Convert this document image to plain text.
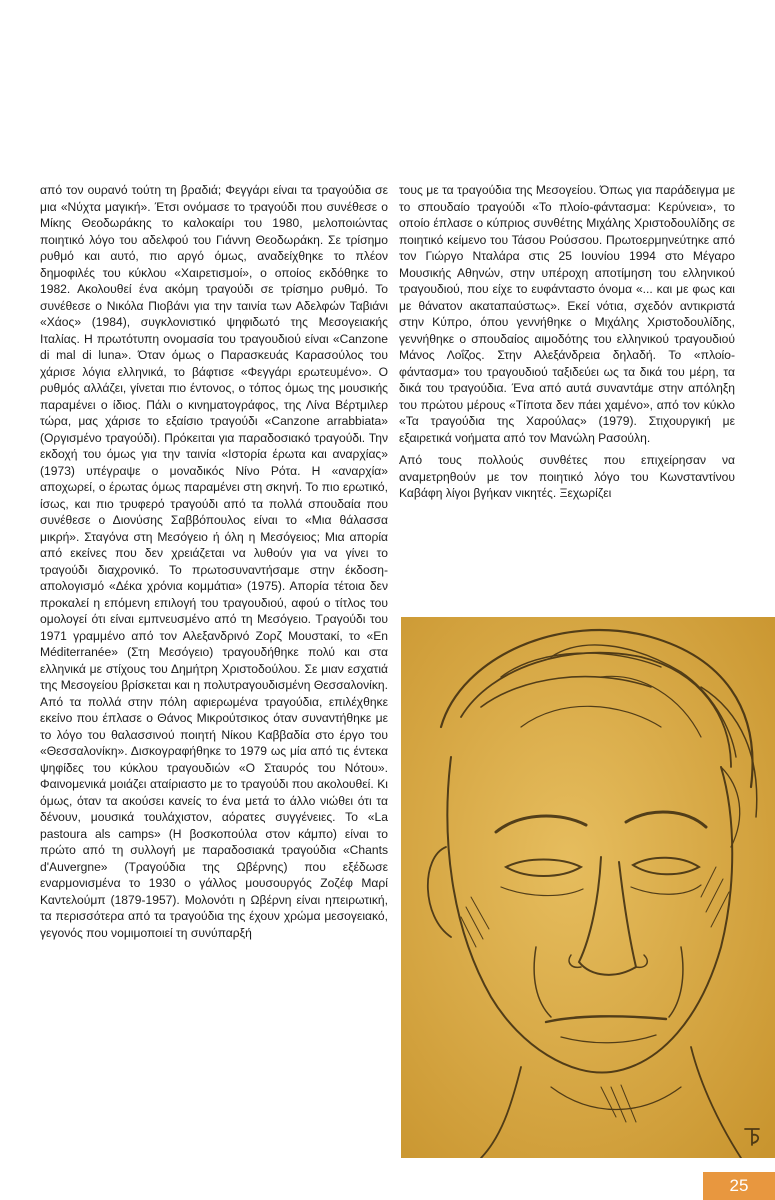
από τον ουρανό τούτη τη βραδιά; Φεγγάρι είναι τα τραγούδια σε μια «Νύχτα μαγική». Έτσι ονόμασε το τραγούδι που συνέθεσε ο Μίκης Θεοδωράκης το καλοκαίρι του 1980, μελοποιώντας ποιητικό λόγο του αδελφού του Γιάννη Θεοδωράκη. Σε τρίσημο ρυθμό και αυτό, πιο αργό όμως, αναδείχθηκε το πλέον δημοφιλές του κύκλου «Χαιρετισμοί», ο οποίος εκδόθηκε το 1982. Ακολουθεί ένα ακόμη τραγούδι σε τρίσημο ρυθμό. Το συνέθεσε ο Νικόλα Πιοβάνι για την ταινία των Αδελφών Ταβιάνι «Χάος» (1984), συγκλονιστικό ψηφιδωτό της Μεσογειακής Ιταλίας. Η πρωτότυπη ονομασία του τραγουδιού είναι «Canzone di mal di luna». Όταν όμως ο Παρασκευάς Καρασούλος του χάρισε λόγια ελληνικά, το βάφτισε «Φεγγάρι ερωτευμένο». Ο ρυθμός αλλάζει, γίνεται πιο έντονος, ο τόπος όμως της μουσικής παραμένει ο ίδιος. Πάλι ο κινηματογράφος, της Λίνα Βέρτμιλερ τώρα, μας χάρισε το εξαίσιο τραγούδι «Canzone arrabbiata» (Οργισμένο τραγούδι). Πρόκειται για παραδοσιακό τραγούδι. Την εκδοχή του όμως για την ταινία «Ιστορία έρωτα και αναρχίας» (1973) υπέγραψε ο μοναδικός Νίνο Ρότα. Η «αναρχία» αποχωρεί, ο έρωτας όμως παραμένει στη σκηνή. Το πιο ερωτικό, ίσως, και πιο τρυφερό τραγούδι από τα πολλά σπουδαία που συνέθεσε ο Διονύσης Σαββόπουλος είναι το «Μια θάλασσα μικρή». Σταγόνα στη Μεσόγειο ή όλη η Μεσόγειος; Μια απορία από εκείνες που δεν χρειάζεται να λυθούν για να γίνει το τραγούδι διαχρονικό. Το πρωτοσυναντήσαμε στην έκδοση-απολογισμό «Δέκα χρόνια κομμάτια» (1975). Απορία τέτοια δεν προκαλεί η επόμενη επιλογή του τραγουδιού, αφού ο τίτλος του ομολογεί ότι είναι εμπνευσμένο από τη Μεσόγειο. Τραγούδι του 1971 γραμμένο από τον Αλεξανδρινό Ζορζ Μουστακί, το «En Méditerranée» (Στη Μεσόγειο) τραγουδήθηκε πολύ και στα ελληνικά με στίχους του Δημήτρη Χριστοδούλου. Σε μιαν εσχατιά της Μεσογείου βρίσκεται και η πολυτραγουδισμένη Θεσσαλονίκη. Από τα πολλά στην πόλη αφιερωμένα τραγούδια, επιλέχθηκε εκείνο που έπλασε ο Θάνος Μικρούτσικος όταν συναντήθηκε με το λόγο του θαλασσινού ποιητή Νίκου Καββαδία στο έργο του «Θεσσαλονίκη». Δισκογραφήθηκε το 1979 ως μία από τις έντεκα ψηφίδες του κύκλου τραγουδιών «Ο Σταυρός του Νότου». Φαινομενικά μοιάζει αταίριαστο με το τραγούδι που ακολουθεί. Κι όμως, όταν τα ακούσει κανείς το ένα μετά το άλλο νιώθει ότι τα δένουν, μουσικά τουλάχιστον, αόρατες συγγένειες. Το «La pastoura als camps» (Η βοσκοπούλα στον κάμπο) είναι το πρώτο από τη συλλογή με παραδοσιακά τραγούδια «Chants d'Auvergne» (Τραγούδια της Ωβέρνης) που εξέδωσε εναρμονισμένα το 1930 ο γάλλος μουσουργός Ζοζέφ Μαρί Καντελούμπ (1879-1957). Μολονότι η Ωβέρνη είναι ηπειρωτική, τα περισσότερα από τα τραγούδια της έχουν χρώμα μεσογειακό, γεγονός που νομιμοποιεί τη συνύπαρξή

τους με τα τραγούδια της Μεσογείου. Όπως για παράδειγμα με το σπουδαίο τραγούδι «Το πλοίο-φάντασμα: Κερύνεια», το οποίο έπλασε ο κύπριος συνθέτης Μιχάλης Χριστοδουλίδης σε ποιητικό κείμενο του Τάσου Ρούσσου. Πρωτοερμηνεύτηκε από τον Γιώργο Νταλάρα στις 25 Ιουνίου 1994 στο Μέγαρο Μουσικής Αθηνών, στην υπέροχη αποτίμηση του ελληνικού τραγουδιού, που είχε το ευφάνταστο όνομα «... και με φως και με θάνατον ακαταπαύστως». Εκεί νότια, σχεδόν αντικριστά στην Κύπρο, όπου γεννήθηκε ο Μιχάλης Χριστοδουλίδης, γεννήθηκε ο σπουδαίος αιμοδότης του ελληνικού τραγουδιού Μάνος Λοΐζος. Στην Αλεξάνδρεια δηλαδή. Το «πλοίο-φάντασμα» του τραγουδιού ταξιδεύει ως τα δικά του μέρη, τα δικά του τραγούδια. Ένα από αυτά συναντάμε στην απόληξη του πρώτου μέρους «Τίποτα δεν πάει χαμένο», από τον κύκλο «Τα τραγούδια της Χαρούλας» (1979). Στιχουργική με εξαιρετικά νοήματα από τον Μανώλη Ρασούλη.

Από τους πολλούς συνθέτες που επιχείρησαν να αναμετρηθούν με τον ποιητικό λόγο του Κωνσταντίνου Καβάφη λίγοι βγήκαν νικητές. Ξεχωρίζει

25
